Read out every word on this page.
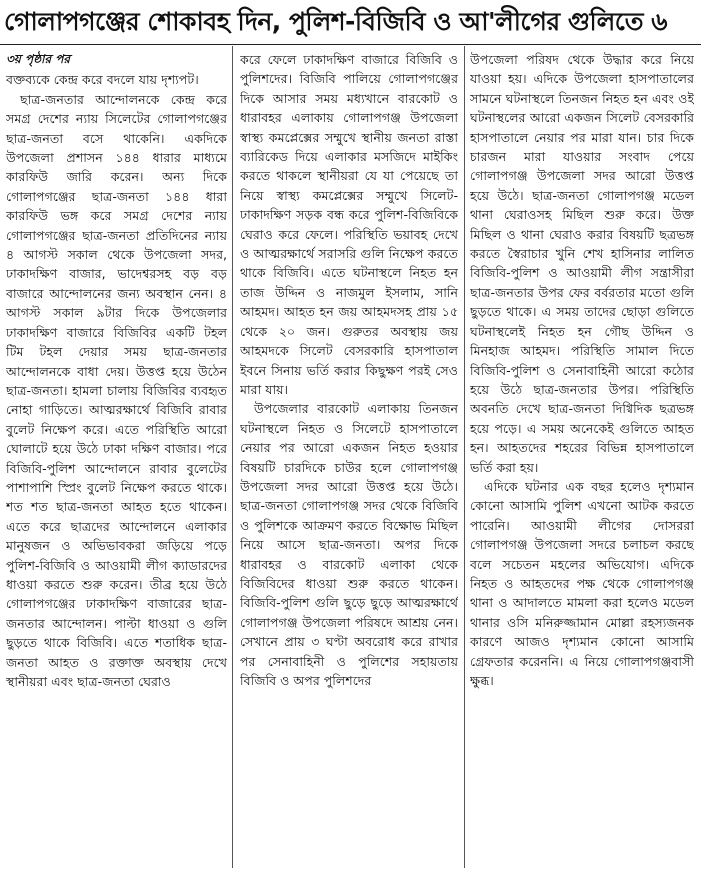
গোলাপগঞ্জের শোকাবহ দিন, পুলিশ-বিজিবি ও আ'লীগের গুলিতে ৬
৩য় পৃষ্ঠার পর

বক্তব্যকে কেন্দ্র করে বদলে যায় দৃশ্যপট।

ছাত্র-জনতার আন্দোলনকে কেন্দ্র করে সমগ্র দেশের ন্যায় সিলেটের গোলাপগঞ্জের ছাত্র-জনতা বসে থাকেনি। একদিকে উপজেলা প্রশাসন ১৪৪ ধারার মাধ্যমে কারফিউ জারি করেন। অন্য দিকে গোলাপগঞ্জের ছাত্র-জনতা ১৪৪ ধারা কারফিউ ভঙ্গ করে সমগ্র দেশের ন্যায় গোলাপগঞ্জের ছাত্র-জনতা প্রতিদিনের ন্যায় ৪ আগস্ট সকাল থেকে উপজেলা সদর, ঢাকাদক্ষিণ বাজার, ভাদেশ্বরসহ বড় বড় বাজারে আন্দোলনের জন্য অবস্থান নেন। ৪ আগস্ট সকাল ৯টার দিকে উপজেলার ঢাকাদক্ষিণ বাজারে বিজিবির একটি টহল টিম টহল দেয়ার সময় ছাত্র-জনতার আন্দোলনকে বাধা দেয়। উত্তপ্ত হয়ে উঠেন ছাত্র-জনতা। হামলা চালায় বিজিবির ব্যবহৃত নোহা গাড়িতে। আত্মরক্ষার্থে বিজিবি রাবার বুলেট নিক্ষেপ করে। এতে পরিস্থিতি আরো ঘোলাটে হয়ে উঠে ঢাকা দক্ষিণ বাজার। পরে বিজিবি-পুলিশ আন্দোলনে রাবার বুলেটের পাশাপাশি স্প্রিং বুলেট নিক্ষেপ করতে থাকে। শত শত ছাত্র-জনতা আহত হতে থাকেন। এতে করে ছাত্রদের আন্দোলনে এলাকার মানুষজন ও অভিভাবকরা জড়িয়ে পড়ে পুলিশ-বিজিবি ও আওয়ামী লীগ ক্যাডারদের ধাওয়া করতে শুরু করেন। তীব্র হয়ে উঠে গোলাপগঞ্জের ঢাকাদক্ষিণ বাজারের ছাত্র-জনতার আন্দোলন। পাল্টা ধাওয়া ও গুলি ছুড়তে থাকে বিজিবি। এতে শতাধিক ছাত্র-জনতা আহত ও রক্তাক্ত অবস্থায় দেখে স্থানীয়রা এবং ছাত্র-জনতা ঘেরাও

করে ফেলে ঢাকাদক্ষিণ বাজারে বিজিবি ও পুলিশদের। বিজিবি পালিয়ে গোলাপগঞ্জের দিকে আসার সময় মধ্যখানে বারকোট ও ধারাবহর এলাকায় গোলাপগঞ্জ উপজেলা স্বাস্থ্য কমপ্লেক্সের সম্মুখে স্থানীয় জনতা রাস্তা ব্যারিকেড দিয়ে এলাকার মসজিদে মাইকিং করতে থাকলে স্থানীয়রা যে যা পেয়েছে তা নিয়ে স্বাস্থ্য কমপ্লেক্সের সম্মুখে সিলেট-ঢাকাদক্ষিণ সড়ক বন্ধ করে পুলিশ-বিজিবিকে ঘেরাও করে ফেলে। পরিস্থিতি ভয়াবহ দেখে ও আত্মরক্ষার্থে সরাসরি গুলি নিক্ষেপ করতে থাকে বিজিবি। এতে ঘটনাস্থলে নিহত হন তাজ উদ্দিন ও নাজমুল ইসলাম, সানি আহমদ। আহত হন জয় আহমদসহ প্রায় ১৫ থেকে ২০ জন। গুরুতর অবস্থায় জয় আহমদকে সিলেট বেসরকারি হাসপাতাল ইবনে সিনায় ভর্তি করার কিছুক্ষণ পরই সেও মারা যায়।

উপজেলার বারকোট এলাকায় তিনজন ঘটনাস্থলে নিহত ও সিলেটে হাসপাতালে নেয়ার পর আরো একজন নিহত হওয়ার বিষয়টি চারদিকে চাউর হলে গোলাপগঞ্জ উপজেলা সদর আরো উত্তপ্ত হয়ে উঠে। ছাত্র-জনতা গোলাপগঞ্জ সদর থেকে বিজিবি ও পুলিশকে আক্রমণ করতে বিক্ষোভ মিছিল নিয়ে আসে ছাত্র-জনতা। অপর দিকে ধারাবহর ও বারকোট এলাকা থেকে বিজিবিদের ধাওয়া শুরু করতে থাকেন। বিজিবি-পুলিশ গুলি ছুড়ে ছুড়ে আত্মরক্ষার্থে গোলাপগঞ্জ উপজেলা পরিষদে আশ্রয় নেন। সেখানে প্রায় ৩ ঘণ্টা অবরোধ করে রাখার পর সেনাবাহিনী ও পুলিশের সহায়তায় বিজিবি ও অপর পুলিশদের

উপজেলা পরিষদ থেকে উদ্ধার করে নিয়ে যাওয়া হয়। এদিকে উপজেলা হাসপাতালের সামনে ঘটনাস্থলে তিনজন নিহত হন এবং ওই ঘটনাস্থলের আরো একজন সিলেট বেসরকারি হাসপাতালে নেয়ার পর মারা যান। চার দিকে চারজন মারা যাওয়ার সংবাদ পেয়ে গোলাপগঞ্জ উপজেলা সদর আরো উত্তপ্ত হয়ে উঠে। ছাত্র-জনতা গোলাপগঞ্জ মডেল থানা ঘেরাওসহ মিছিল শুরু করে। উক্ত মিছিল ও থানা ঘেরাও করার বিষয়টি ছত্রভঙ্গ করতে স্বৈরাচার খুনি শেখ হাসিনার লালিত বিজিবি-পুলিশ ও আওয়ামী লীগ সন্ত্রাসীরা ছাত্র-জনতার উপর ফের বর্বরতার মতো গুলি ছুড়তে থাকে। এ সময় তাদের ছোড়া গুলিতে ঘটনাস্থলেই নিহত হন গৌছ উদ্দিন ও মিনহাজ আহমদ। পরিস্থিতি সামাল দিতে বিজিবি-পুলিশ ও সেনাবাহিনী আরো কঠোর হয়ে উঠে ছাত্র-জনতার উপর। পরিস্থিতি অবনতি দেখে ছাত্র-জনতা দিগ্বিদিক ছত্রভঙ্গ হয়ে পড়ে। এ সময় অনেকেই গুলিতে আহত হন। আহতদের শহরের বিভিন্ন হাসপাতালে ভর্তি করা হয়।

এদিকে ঘটনার এক বছর হলেও দৃশ্যমান কোনো আসামি পুলিশ এখনো আটক করতে পারেনি। আওয়ামী লীগের দোসররা গোলাপগঞ্জ উপজেলা সদরে চলাচল করছে বলে সচেতন মহলের অভিযোগ। এদিকে নিহত ও আহতদের পক্ষ থেকে গোলাপগঞ্জ থানা ও আদালতে মামলা করা হলেও মডেল থানার ওসি মনিরুজ্জামান মোল্লা রহস্যজনক কারণে আজও দৃশ্যমান কোনো আসামি গ্রেফতার করেননি। এ নিয়ে গোলাপগঞ্জবাসী ক্ষুব্ধ।
